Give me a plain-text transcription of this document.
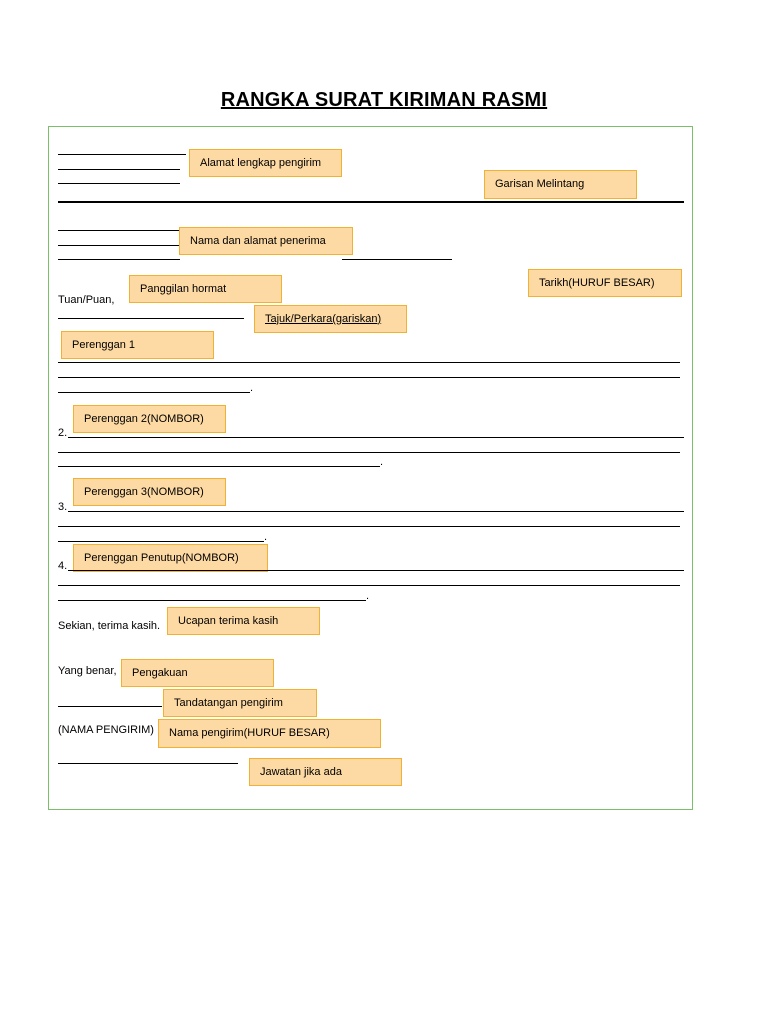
RANGKA SURAT KIRIMAN RASMI
Alamat lengkap pengirim
Garisan Melintang
Nama dan alamat penerima
Panggilan hormat	Tarikh(HURUF BESAR)
Tuan/Puan,
Tajuk/Perkara(gariskan)
Perenggan 1
.
Perenggan 2(NOMBOR)
2.
.
Perenggan 3(NOMBOR)
3.
.
Perenggan Penutup(NOMBOR)
4.
.
Sekian, terima kasih.	Ucapan terima kasih
Yang benar,	Pengakuan
Tandatangan pengirim
(NAMA PENGIRIM)	Nama pengirim(HURUF BESAR)
Jawatan jika ada
